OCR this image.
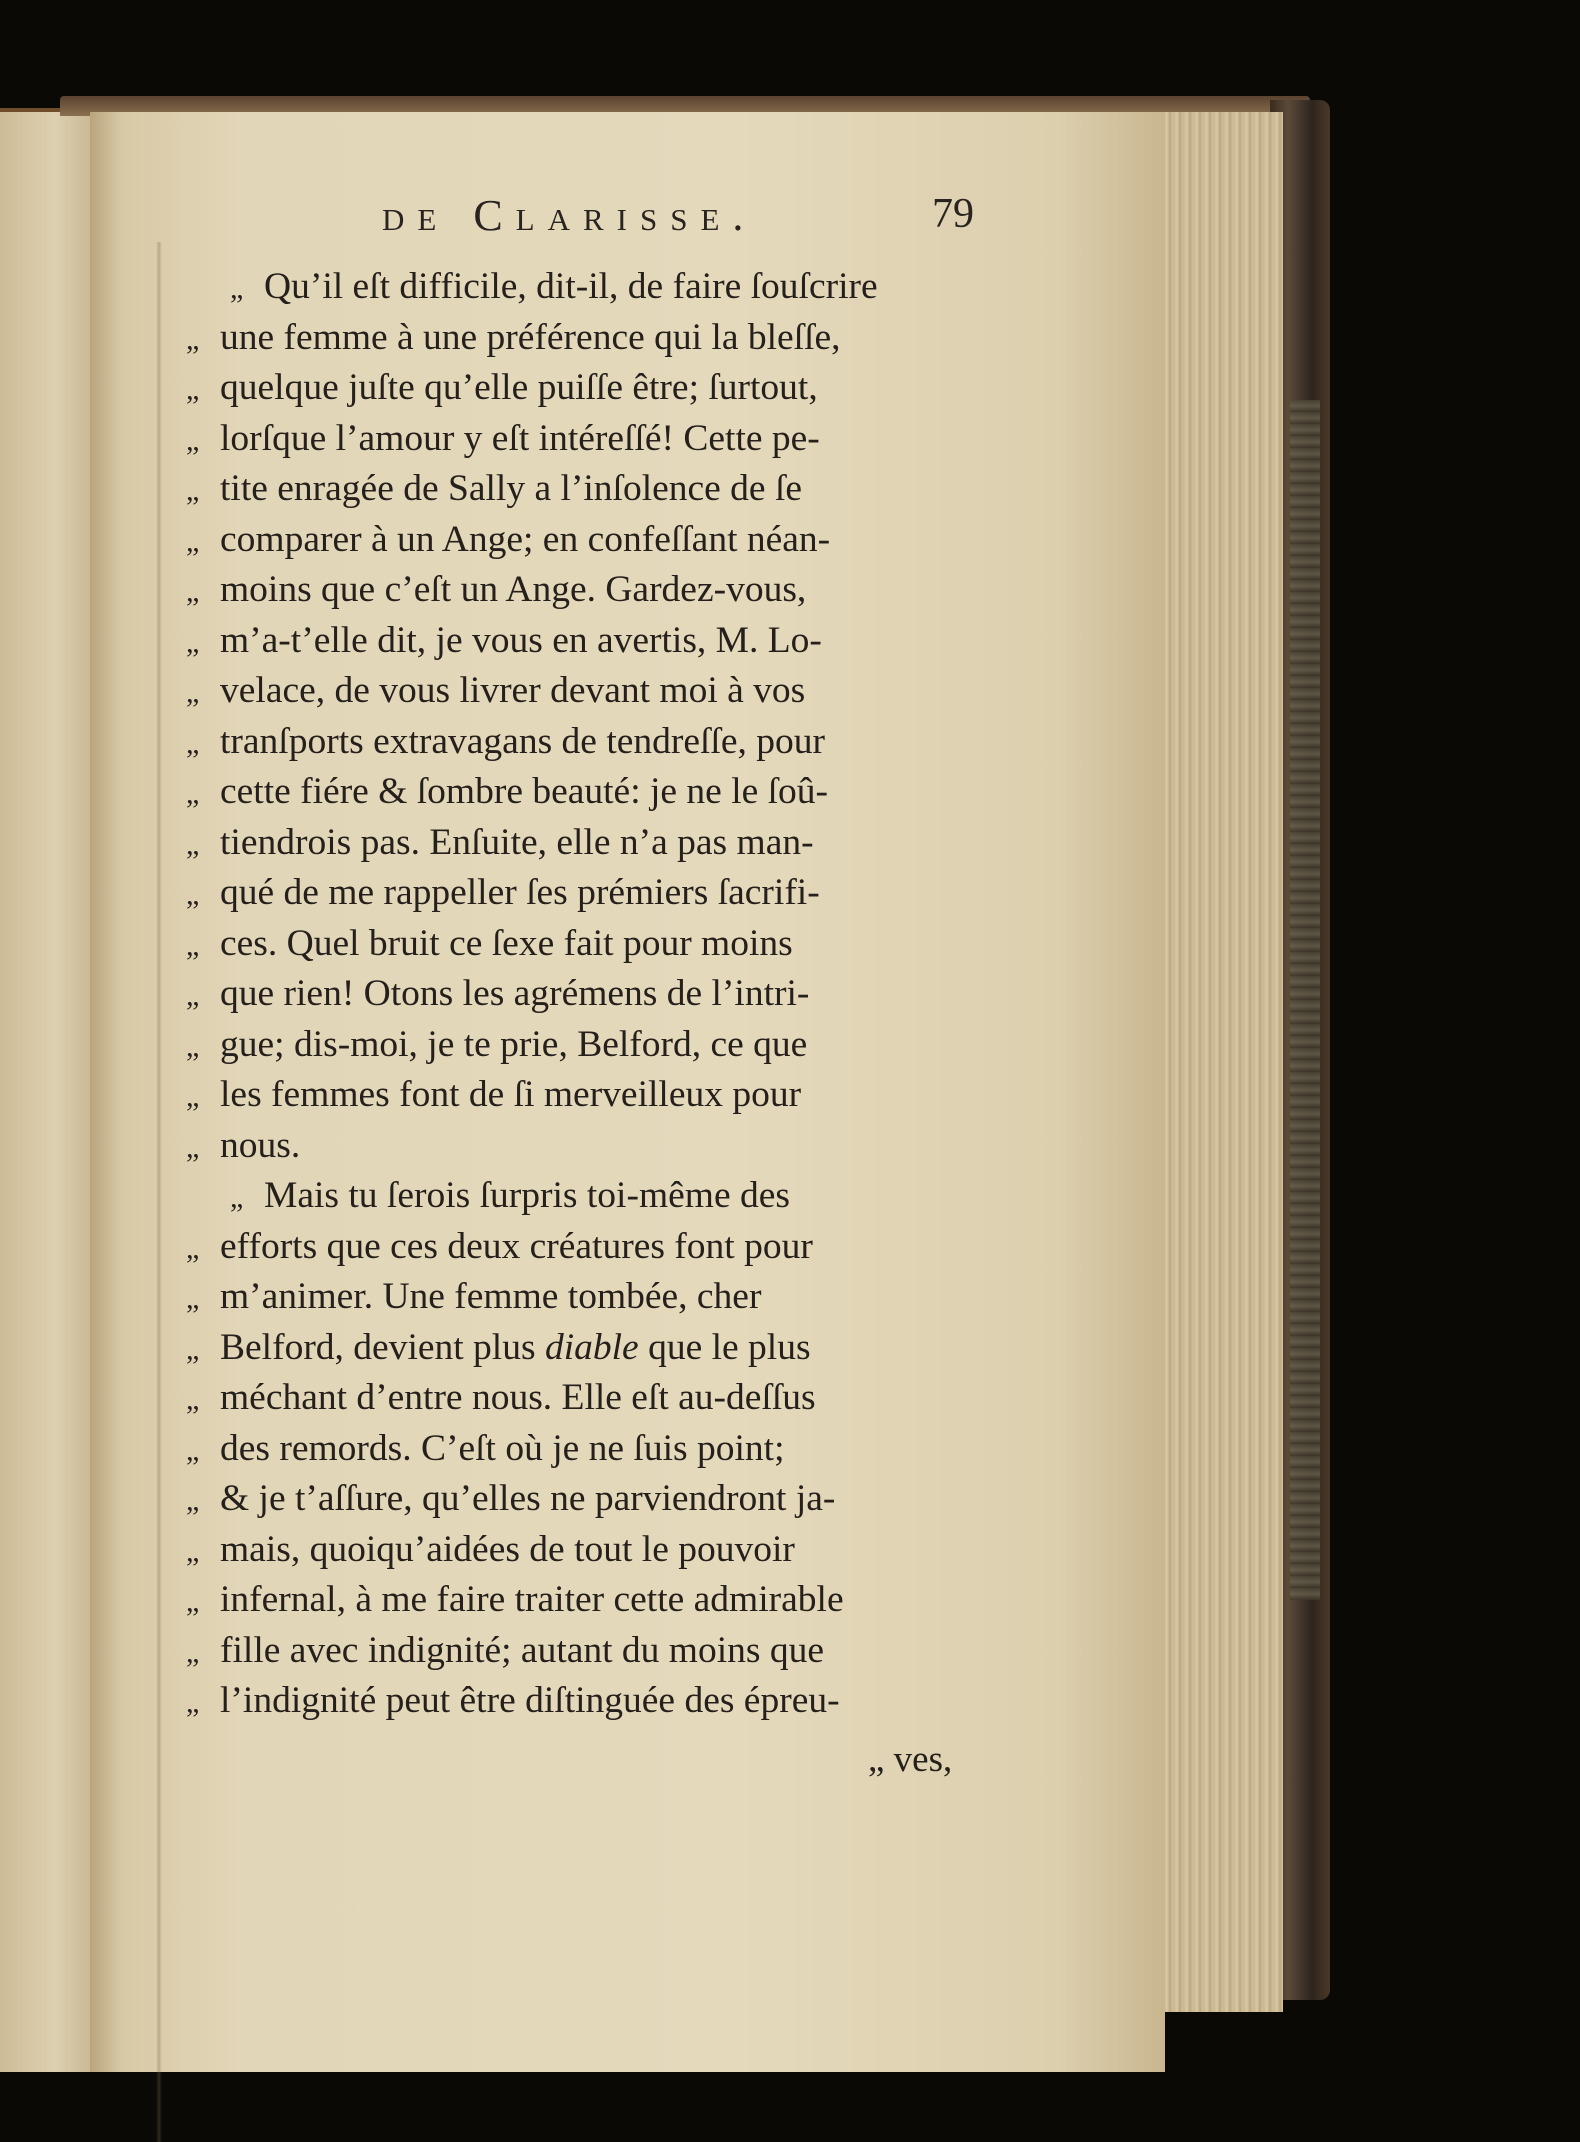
de Clarisse.	79
„ Qu’il eſt difficile, dit-il, de faire ſouſcrire
„ une femme à une préférence qui la bleſſe,
„ quelque juſte qu’elle puiſſe être; ſurtout,
„ lorſque l’amour y eſt intéreſſé! Cette pe-
„ tite enragée de Sally a l’inſolence de ſe
„ comparer à un Ange; en confeſſant néan-
„ moins que c’eſt un Ange. Gardez-vous,
„ m’a-t’elle dit, je vous en avertis, M. Lo-
„ velace, de vous livrer devant moi à vos
„ tranſports extravagans de tendreſſe, pour
„ cette fiére & ſombre beauté: je ne le ſoû-
„ tiendrois pas. Enſuite, elle n’a pas man-
„ qué de me rappeller ſes prémiers ſacrifi-
„ ces. Quel bruit ce ſexe fait pour moins
„ que rien! Otons les agrémens de l’intri-
„ gue; dis-moi, je te prie, Belford, ce que
„ les femmes font de ſi merveilleux pour
„ nous.
„ Mais tu ſerois ſurpris toi-même des
„ efforts que ces deux créatures font pour
„ m’animer. Une femme tombée, cher
„ Belford, devient plus diable que le plus
„ méchant d’entre nous. Elle eſt au-deſſus
„ des remords. C’eſt où je ne ſuis point;
„ & je t’aſſure, qu’elles ne parviendront ja-
„ mais, quoiqu’aidées de tout le pouvoir
„ infernal, à me faire traiter cette admirable
„ fille avec indignité; autant du moins que
„ l’indignité peut être diſtinguée des épreu-
„ ves,
